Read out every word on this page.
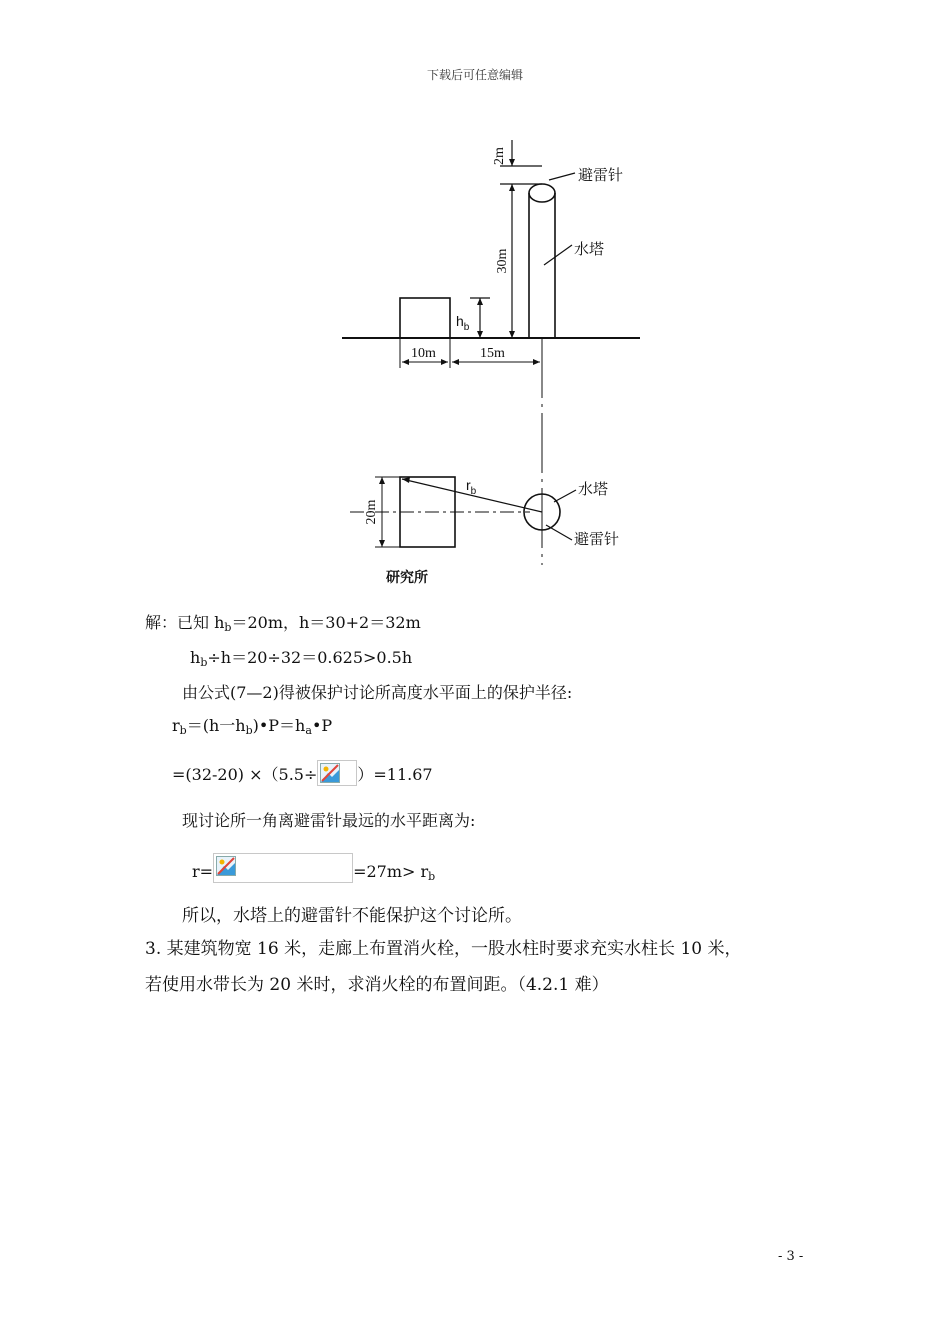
下载后可任意编辑
2m
30m
10m	15m
20m
避雷针
水塔
水塔
避雷针
$h_b$
$r_b$
研究所
解：已知 $h_b=20m$，h＝30+2＝32m
$h_b\div h=20\div 32=0.625>0.5h$
由公式(7—2)得被保护讨论所高度水平面上的保护半径:
$r_b=(h$一$h_b)•P=h_a•P$
=(32-20) ×（5.5÷	）=11.67
现讨论所一角离避雷针最远的水平距离为:
r=	$=27m> r_b$
所以，水塔上的避雷针不能保护这个讨论所。
3. 某建筑物宽 16 米，走廊上布置消火栓，一股水柱时要求充实水柱长 10 米，
若使用水带长为 20 米时，求消火栓的布置间距。（4.2.1 难）
- 3 -
